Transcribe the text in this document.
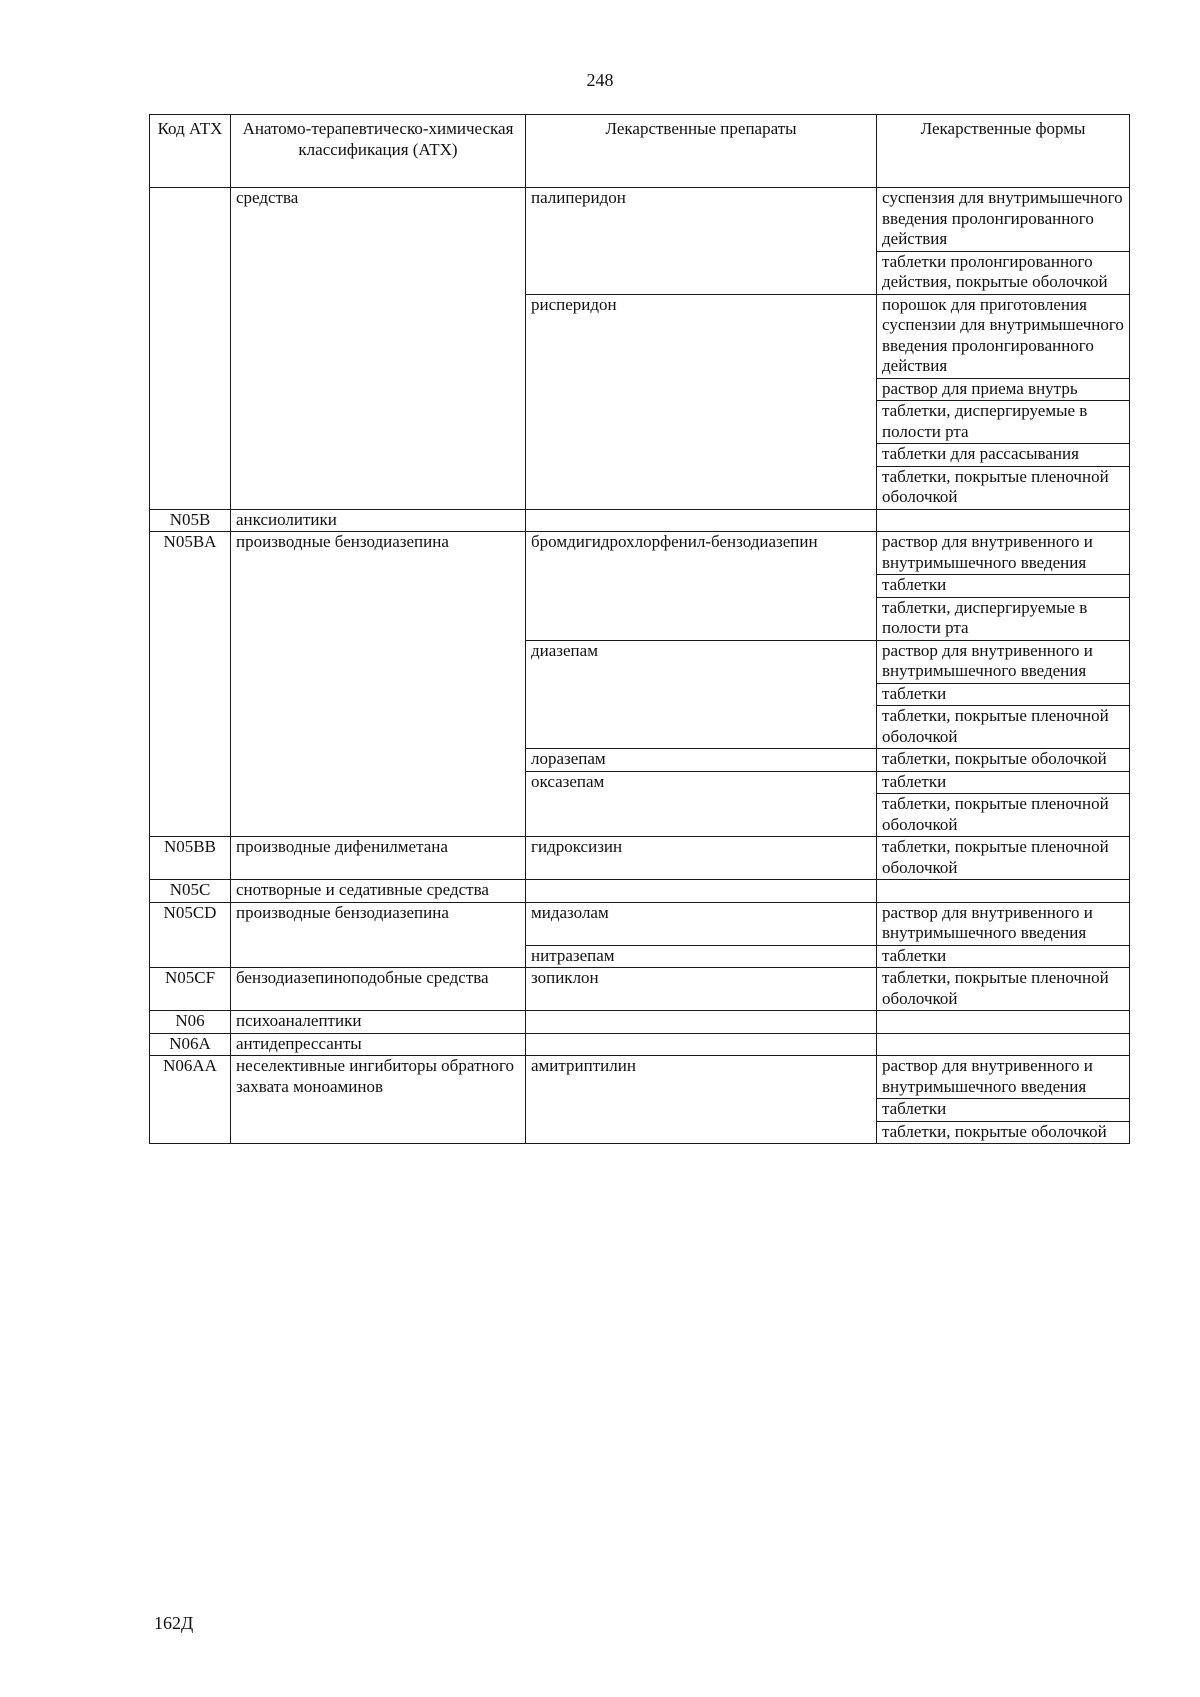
248
Код АТХ	Анатомо-терапевтическо-химическая классификация (АТХ)	Лекарственные препараты	Лекарственные формы
	средства	палиперидон	суспензия для внутримышечного введения пролонгированного действия
			таблетки пролонгированного действия, покрытые оболочкой
		рисперидон	порошок для приготовления суспензии для внутримышечного введения пролонгированного действия
			раствор для приема внутрь
			таблетки, диспергируемые в полости рта
			таблетки для рассасывания
			таблетки, покрытые пленочной оболочкой
N05B	анксиолитики		
N05BA	производные бензодиазепина	бромдигидрохлорфенил-бензодиазепин	раствор для внутривенного и внутримышечного введения
			таблетки
			таблетки, диспергируемые в полости рта
		диазепам	раствор для внутривенного и внутримышечного введения
			таблетки
			таблетки, покрытые пленочной оболочкой
		лоразепам	таблетки, покрытые оболочкой
		оксазепам	таблетки
			таблетки, покрытые пленочной оболочкой
N05BB	производные дифенилметана	гидроксизин	таблетки, покрытые пленочной оболочкой
N05C	снотворные и седативные средства		
N05CD	производные бензодиазепина	мидазолам	раствор для внутривенного и внутримышечного введения
		нитразепам	таблетки
N05CF	бензодиазепиноподобные средства	зопиклон	таблетки, покрытые пленочной оболочкой
N06	психоаналептики		
N06A	антидепрессанты		
N06AA	неселективные ингибиторы обратного захвата моноаминов	амитриптилин	раствор для внутривенного и внутримышечного введения
			таблетки
			таблетки, покрытые оболочкой
162Д
